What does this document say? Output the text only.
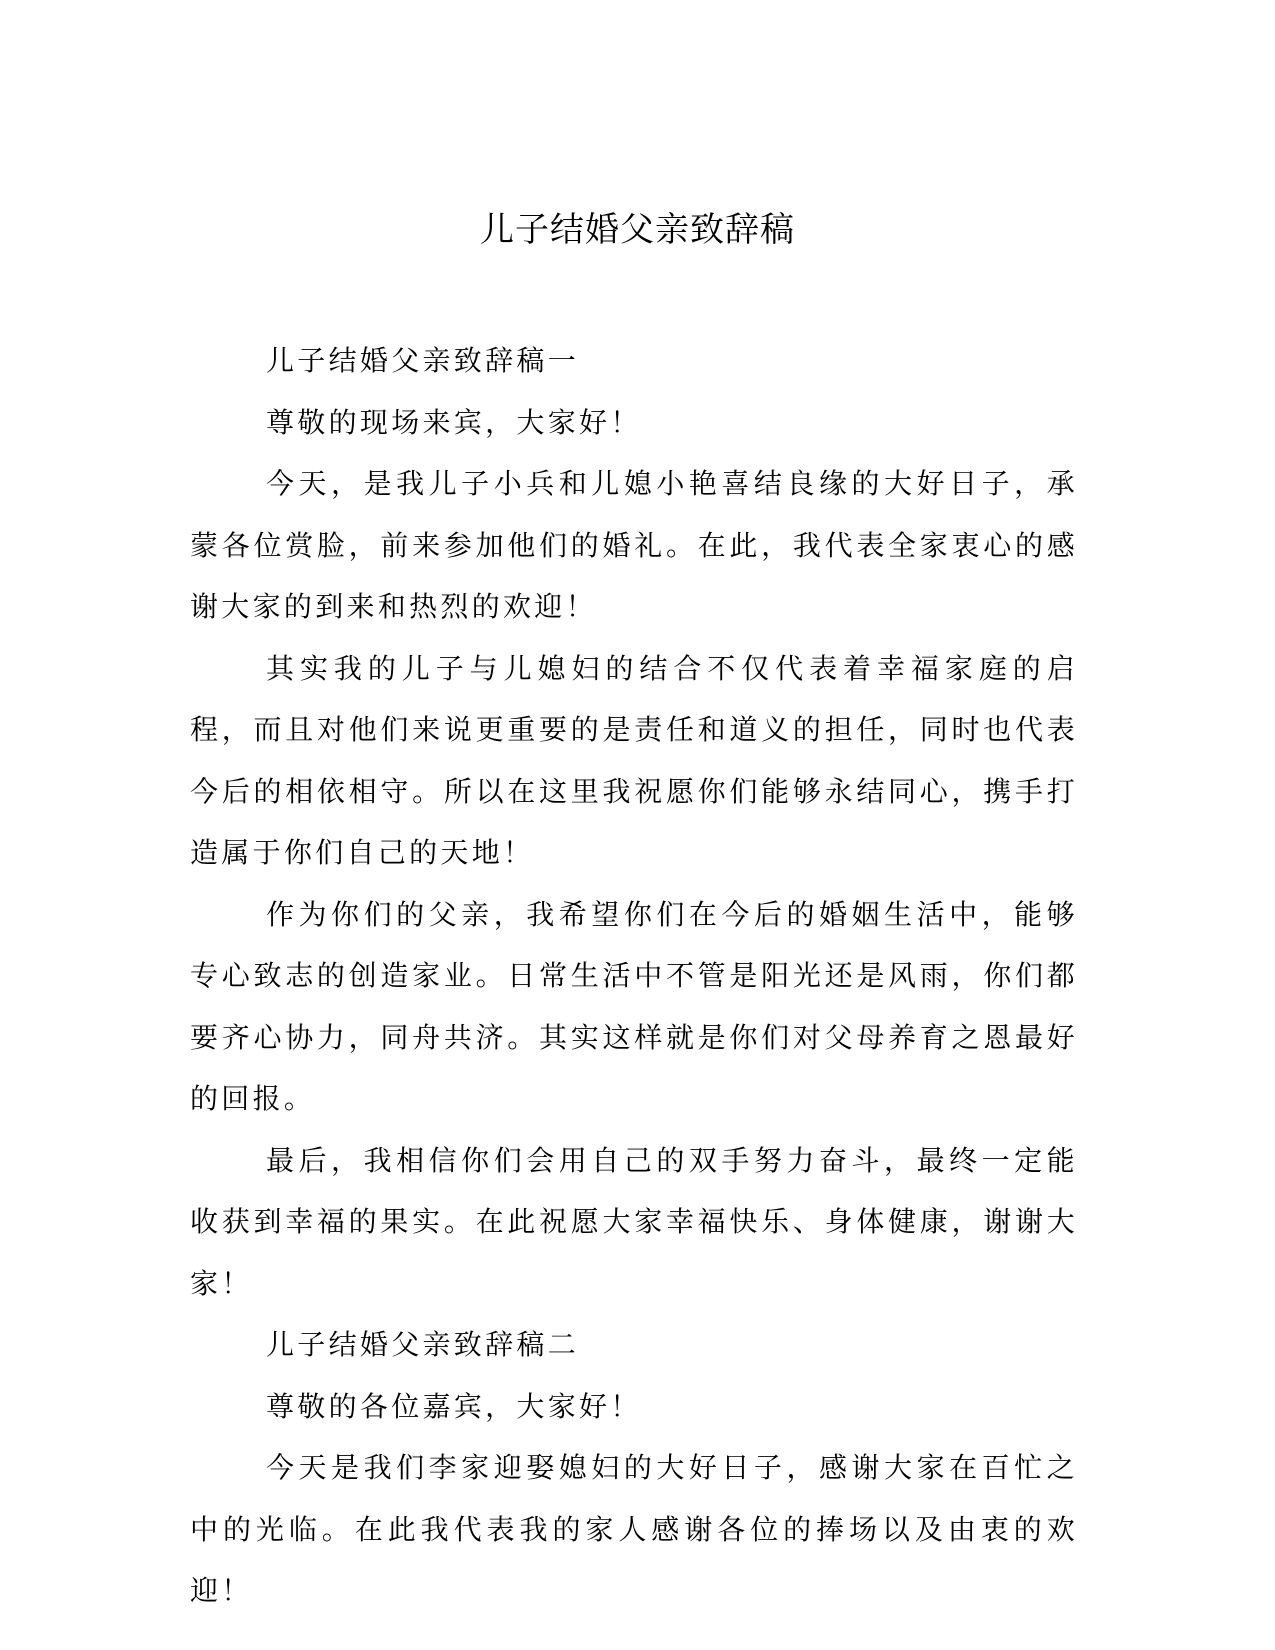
儿子结婚父亲致辞稿

儿子结婚父亲致辞稿一

尊敬的现场来宾，大家好！

今天，是我儿子小兵和儿媳小艳喜结良缘的大好日子，承蒙各位赏脸，前来参加他们的婚礼。在此，我代表全家衷心的感谢大家的到来和热烈的欢迎！

其实我的儿子与儿媳妇的结合不仅代表着幸福家庭的启程，而且对他们来说更重要的是责任和道义的担任，同时也代表今后的相依相守。所以在这里我祝愿你们能够永结同心，携手打造属于你们自己的天地！

作为你们的父亲，我希望你们在今后的婚姻生活中，能够专心致志的创造家业。日常生活中不管是阳光还是风雨，你们都要齐心协力，同舟共济。其实这样就是你们对父母养育之恩最好的回报。

最后，我相信你们会用自己的双手努力奋斗，最终一定能收获到幸福的果实。在此祝愿大家幸福快乐、身体健康，谢谢大家！

儿子结婚父亲致辞稿二

尊敬的各位嘉宾，大家好！

今天是我们李家迎娶媳妇的大好日子，感谢大家在百忙之中的光临。在此我代表我的家人感谢各位的捧场以及由衷的欢迎！
